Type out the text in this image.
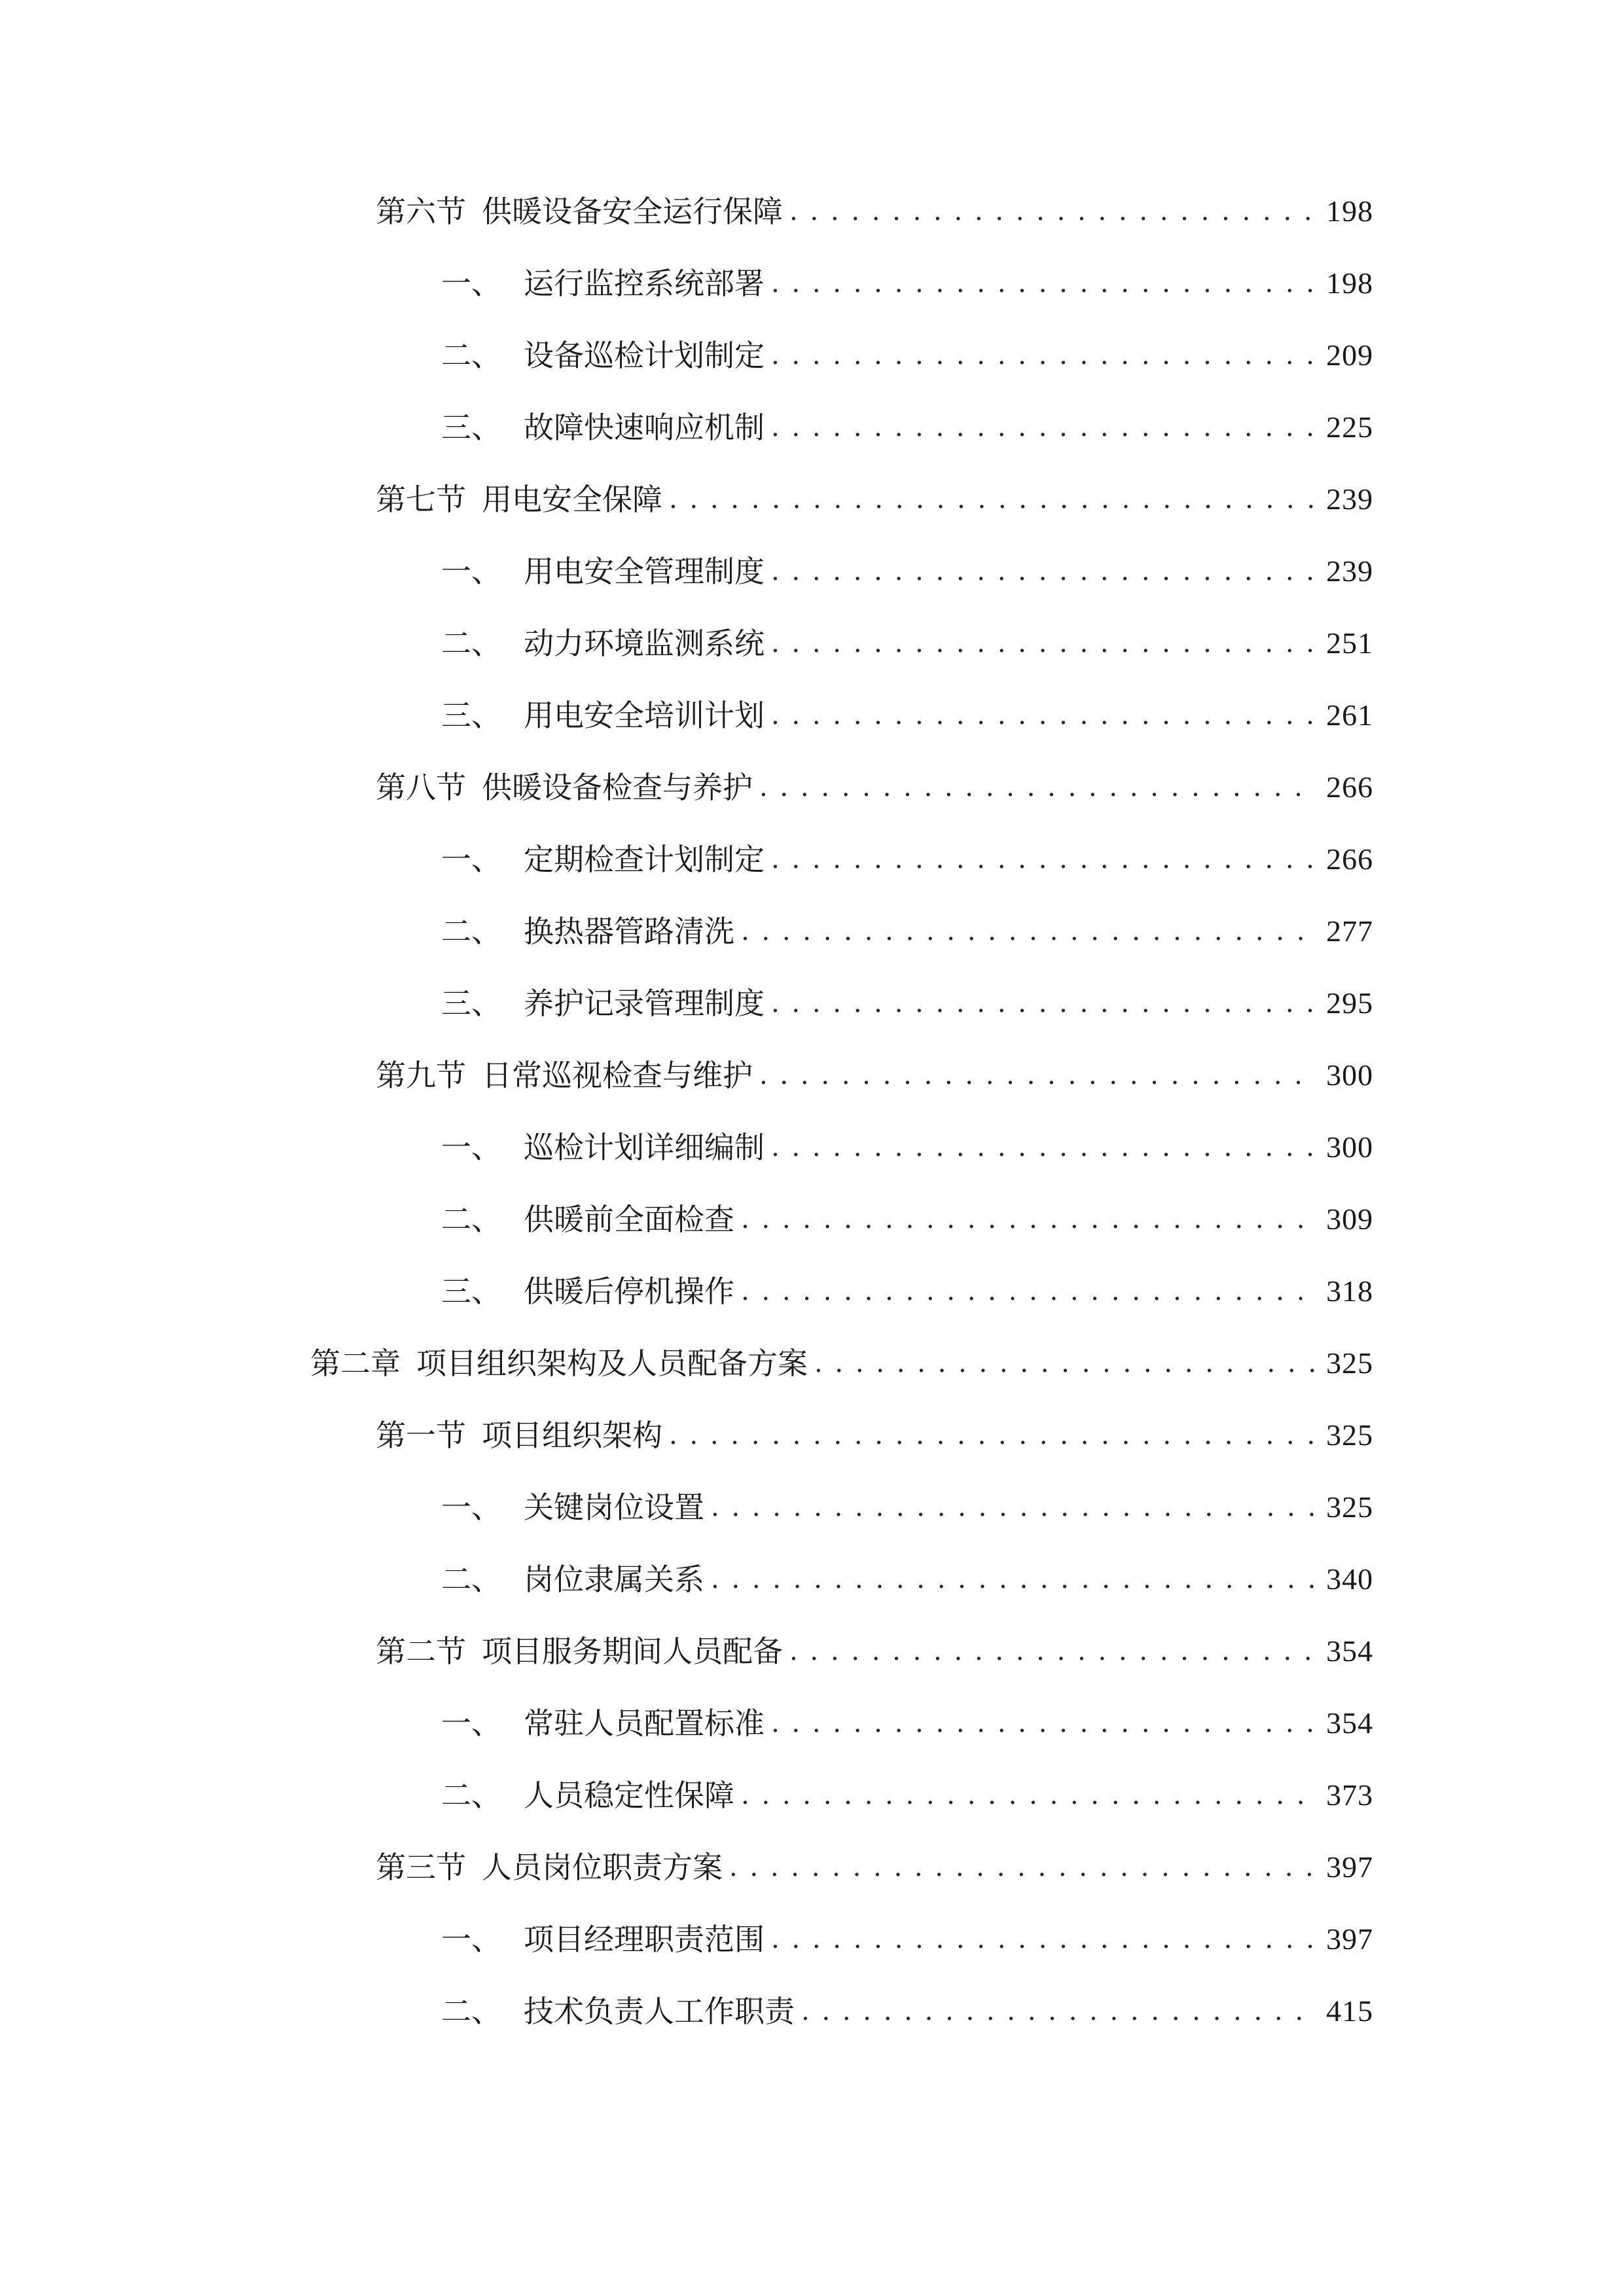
第六节 供暖设备安全运行保障 . . .	198
一、 运行监控系统部署 . . .	198
二、 设备巡检计划制定 . . .	209
三、 故障快速响应机制 . . .	225
第七节 用电安全保障 . . .	239
一、 用电安全管理制度 . . .	239
二、 动力环境监测系统 . . .	251
三、 用电安全培训计划 . . .	261
第八节 供暖设备检查与养护 . . .	266
一、 定期检查计划制定 . . .	266
二、 换热器管路清洗 . . .	277
三、 养护记录管理制度 . . .	295
第九节 日常巡视检查与维护 . . .	300
一、 巡检计划详细编制 . . .	300
二、 供暖前全面检查 . . .	309
三、 供暖后停机操作 . . .	318
第二章 项目组织架构及人员配备方案 . . .	325
第一节 项目组织架构 . . .	325
一、 关键岗位设置 . . .	325
二、 岗位隶属关系 . . .	340
第二节 项目服务期间人员配备 . . .	354
一、 常驻人员配置标准 . . .	354
二、 人员稳定性保障 . . .	373
第三节 人员岗位职责方案 . . .	397
一、 项目经理职责范围 . . .	397
二、 技术负责人工作职责 . . .	415
